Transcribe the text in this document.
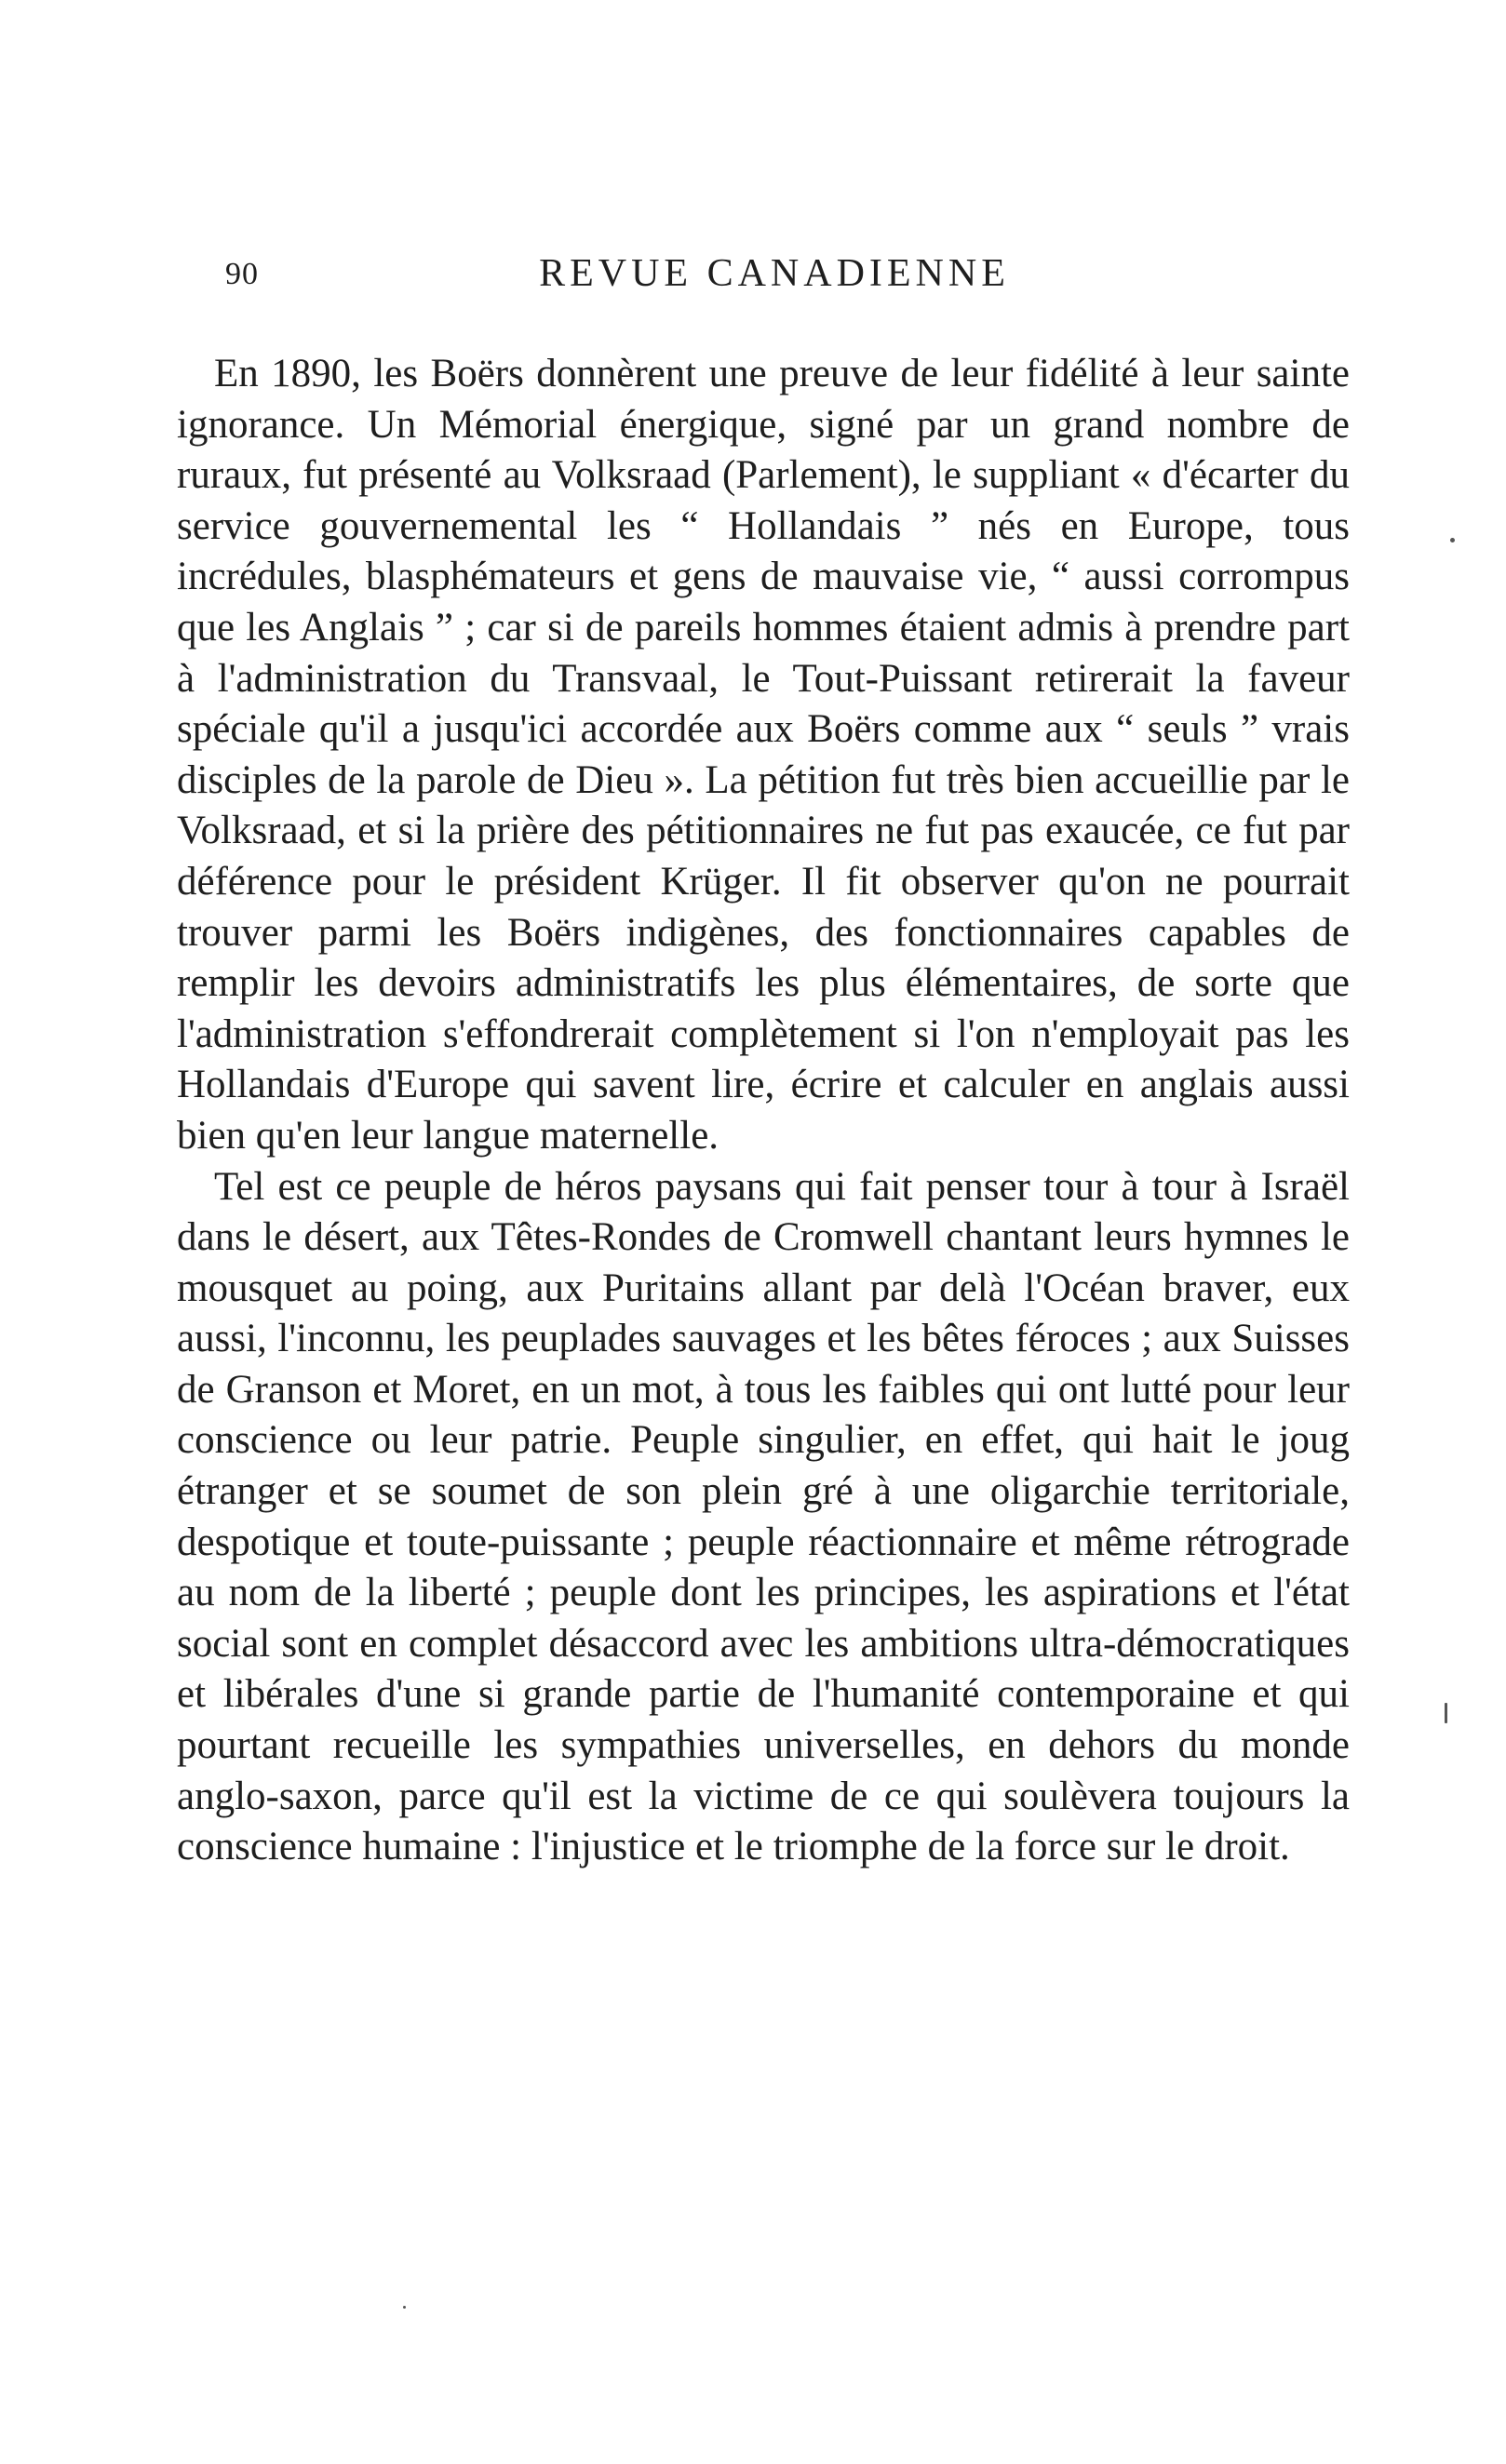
90	REVUE CANADIENNE

En 1890, les Boërs donnèrent une preuve de leur fidélité à leur sainte ignorance. Un Mémorial énergique, signé par un grand nombre de ruraux, fut présenté au Volksraad (Parlement), le suppliant « d'écarter du service gouvernemental les “ Hollandais ” nés en Europe, tous incrédules, blasphémateurs et gens de mauvaise vie, “ aussi corrompus que les Anglais ” ; car si de pareils hommes étaient admis à prendre part à l'administration du Transvaal, le Tout-Puissant retirerait la faveur spéciale qu'il a jusqu'ici accordée aux Boërs comme aux “ seuls ” vrais disciples de la parole de Dieu ». La pétition fut très bien accueillie par le Volksraad, et si la prière des pétitionnaires ne fut pas exaucée, ce fut par déférence pour le président Krüger. Il fit observer qu'on ne pourrait trouver parmi les Boërs indigènes, des fonctionnaires capables de remplir les devoirs administratifs les plus élémentaires, de sorte que l'administration s'effondrerait complètement si l'on n'employait pas les Hollandais d'Europe qui savent lire, écrire et calculer en anglais aussi bien qu'en leur langue maternelle.

Tel est ce peuple de héros paysans qui fait penser tour à tour à Israël dans le désert, aux Têtes-Rondes de Cromwell chantant leurs hymnes le mousquet au poing, aux Puritains allant par delà l'Océan braver, eux aussi, l'inconnu, les peuplades sauvages et les bêtes féroces ; aux Suisses de Granson et Moret, en un mot, à tous les faibles qui ont lutté pour leur conscience ou leur patrie. Peuple singulier, en effet, qui hait le joug étranger et se soumet de son plein gré à une oligarchie territoriale, despotique et toute-puissante ; peuple réactionnaire et même rétrograde au nom de la liberté ; peuple dont les principes, les aspirations et l'état social sont en complet désaccord avec les ambitions ultra-démocratiques et libérales d'une si grande partie de l'humanité contemporaine et qui pourtant recueille les sympathies universelles, en dehors du monde anglo-saxon, parce qu'il est la victime de ce qui soulèvera toujours la conscience humaine : l'injustice et le triomphe de la force sur le droit.
